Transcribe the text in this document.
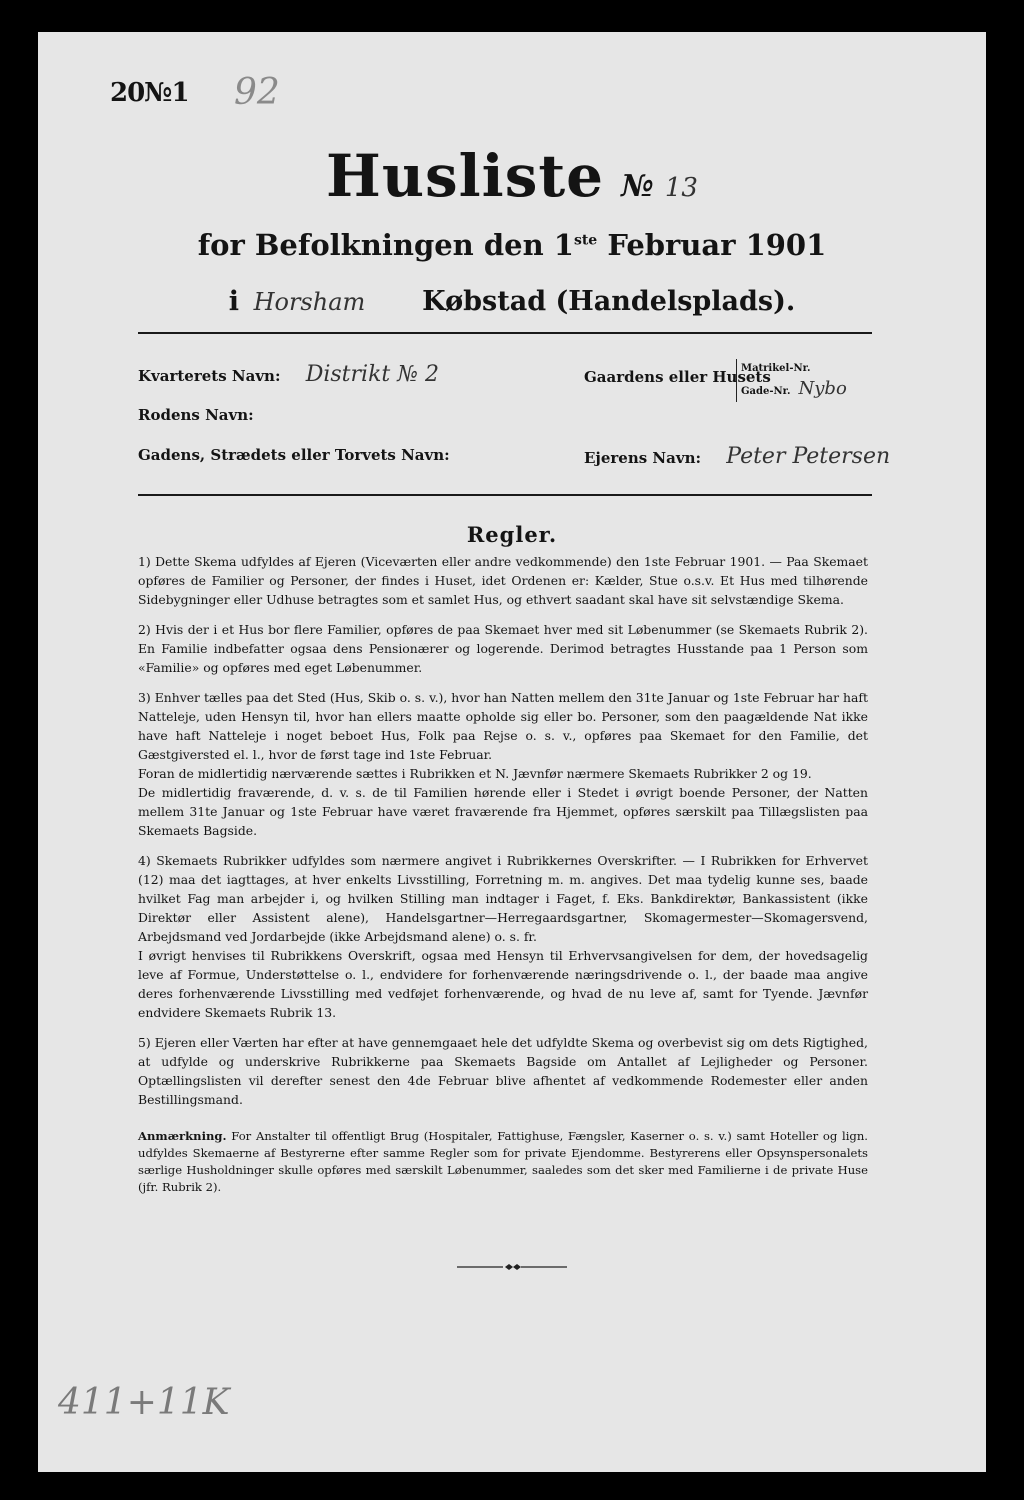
20№1 92
Husliste № 13
for Befolkningen den 1ste Februar 1901
i Horsham Købstad (Handelsplads).
Kvarterets Navn: Distrikt № 2	Gaardens eller Husets
Matrikel-Nr.
Gade-Nr. Nybo
Rodens Navn:
Gadens, Strædets eller Torvets Navn:	Ejerens Navn: Peter Petersen
Regler.

1) Dette Skema udfyldes af Ejeren (Viceværten eller andre vedkommende) den 1ste Februar 1901. — Paa Skemaet opføres de Familier og Personer, der findes i Huset, idet Ordenen er: Kælder, Stue o.s.v. Et Hus med tilhørende Sidebygninger eller Udhuse betragtes som et samlet Hus, og ethvert saadant skal have sit selvstændige Skema.

2) Hvis der i et Hus bor flere Familier, opføres de paa Skemaet hver med sit Løbenummer (se Skemaets Rubrik 2). En Familie indbefatter ogsaa dens Pensionærer og logerende. Derimod betragtes Husstande paa 1 Person som «Familie» og opføres med eget Løbenummer.

3) Enhver tælles paa det Sted (Hus, Skib o. s. v.), hvor han Natten mellem den 31te Januar og 1ste Februar har haft Natteleje, uden Hensyn til, hvor han ellers maatte opholde sig eller bo. Personer, som den paagældende Nat ikke have haft Natteleje i noget beboet Hus, Folk paa Rejse o. s. v., opføres paa Skemaet for den Familie, det Gæstgiversted el. l., hvor de først tage ind 1ste Februar.

Foran de midlertidig nærværende sættes i Rubrikken et N. Jævnfør nærmere Skemaets Rubrikker 2 og 19.

De midlertidig fraværende, d. v. s. de til Familien hørende eller i Stedet i øvrigt boende Personer, der Natten mellem 31te Januar og 1ste Februar have været fraværende fra Hjemmet, opføres særskilt paa Tillægslisten paa Skemaets Bagside.

4) Skemaets Rubrikker udfyldes som nærmere angivet i Rubrikkernes Overskrifter. — I Rubrikken for Erhvervet (12) maa det iagttages, at hver enkelts Livsstilling, Forretning m. m. angives. Det maa tydelig kunne ses, baade hvilket Fag man arbejder i, og hvilken Stilling man indtager i Faget, f. Eks. Bankdirektør, Bankassistent (ikke Direktør eller Assistent alene), Handelsgartner—Herregaardsgartner, Skomagermester—Skomagersvend, Arbejdsmand ved Jordarbejde (ikke Arbejdsmand alene) o. s. fr.

I øvrigt henvises til Rubrikkens Overskrift, ogsaa med Hensyn til Erhvervsangivelsen for dem, der hovedsagelig leve af Formue, Understøttelse o. l., endvidere for forhenværende næringsdrivende o. l., der baade maa angive deres forhenværende Livsstilling med vedføjet forhenværende, og hvad de nu leve af, samt for Tyende. Jævnfør endvidere Skemaets Rubrik 13.

5) Ejeren eller Værten har efter at have gennemgaaet hele det udfyldte Skema og overbevist sig om dets Rigtighed, at udfylde og underskrive Rubrikkerne paa Skemaets Bagside om Antallet af Lejligheder og Personer. Optællingslisten vil derefter senest den 4de Februar blive afhentet af vedkommende Rodemester eller anden Bestillingsmand.

Anmærkning. For Anstalter til offentligt Brug (Hospitaler, Fattighuse, Fængsler, Kaserner o. s. v.) samt Hoteller og lign. udfyldes Skemaerne af Bestyrerne efter samme Regler som for private Ejendomme. Bestyrerens eller Opsynspersonalets særlige Husholdninger skulle opføres med særskilt Løbenummer, saaledes som det sker med Familierne i de private Huse (jfr. Rubrik 2).
411+11K
